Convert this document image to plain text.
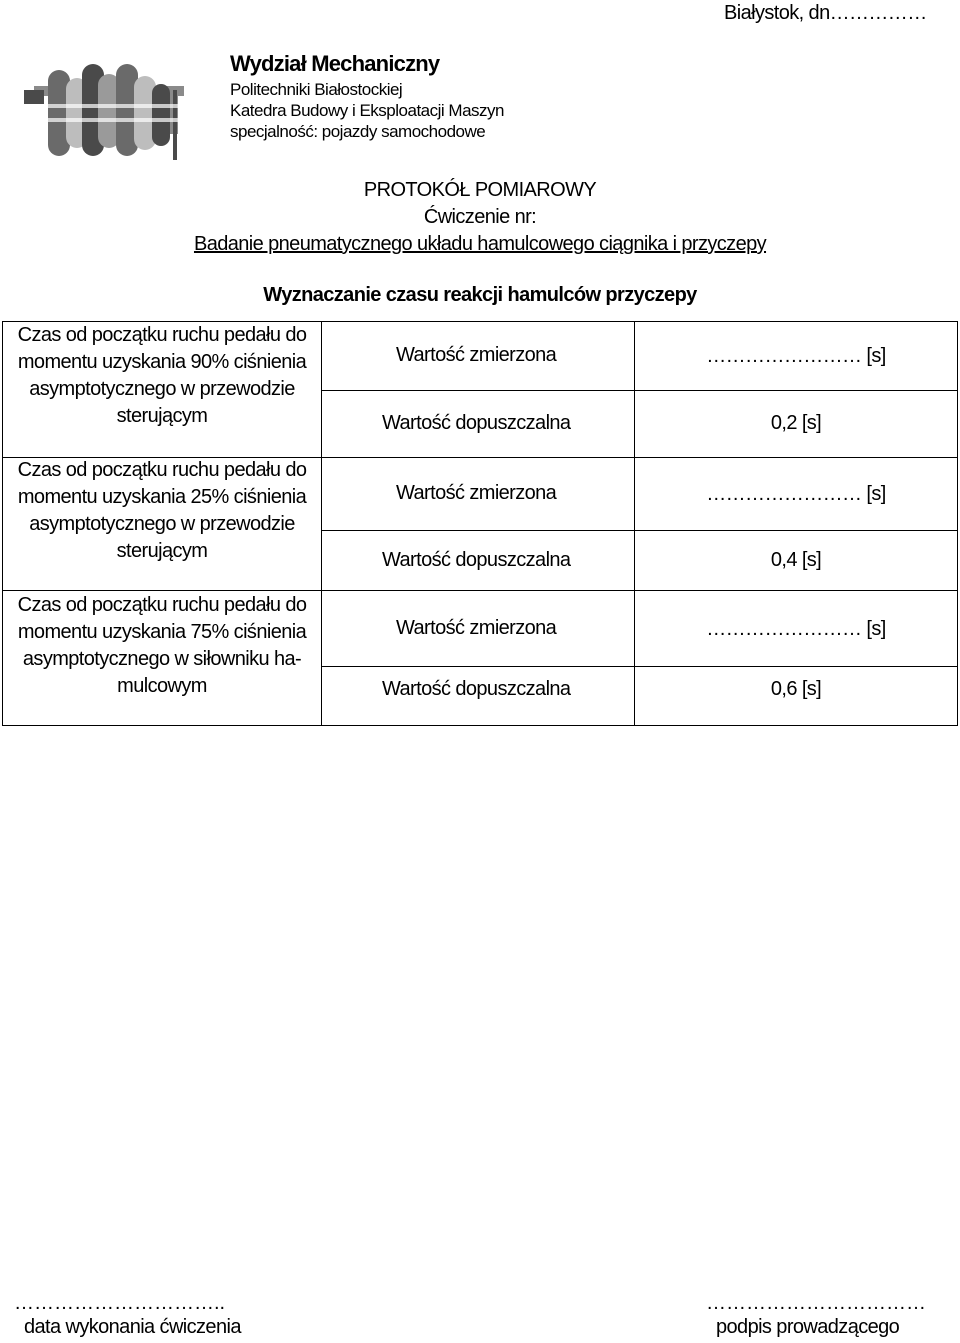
Białystok, dn……………
Wydział Mechaniczny
Politechniki Białostockiej
Katedra Budowy i Eksploatacji Maszyn
specjalność: pojazdy samochodowe
PROTOKÓŁ POMIAROWY
Ćwiczenie nr:
Badanie pneumatycznego układu hamulcowego ciągnika i przyczepy
Wyznaczanie czasu reakcji hamulców przyczepy
Czas od początku ruchu pedału do
momentu uzyskania 90% ciśnienia
asymptotycznego w przewodzie
sterującym
Wartość zmierzona	…………………… [s]
Wartość dopuszczalna	0,2 [s]
Czas od początku ruchu pedału do
momentu uzyskania 25% ciśnienia
asymptotycznego w przewodzie
sterującym
Wartość zmierzona	…………………… [s]
Wartość dopuszczalna	0,4 [s]
Czas od początku ruchu pedału do
momentu uzyskania 75% ciśnienia
asymptotycznego w siłowniku ha-
mulcowym
Wartość zmierzona	…………………… [s]
Wartość dopuszczalna	0,6 [s]
…………………………..
data wykonania ćwiczenia
……………………………
podpis prowadzącego
